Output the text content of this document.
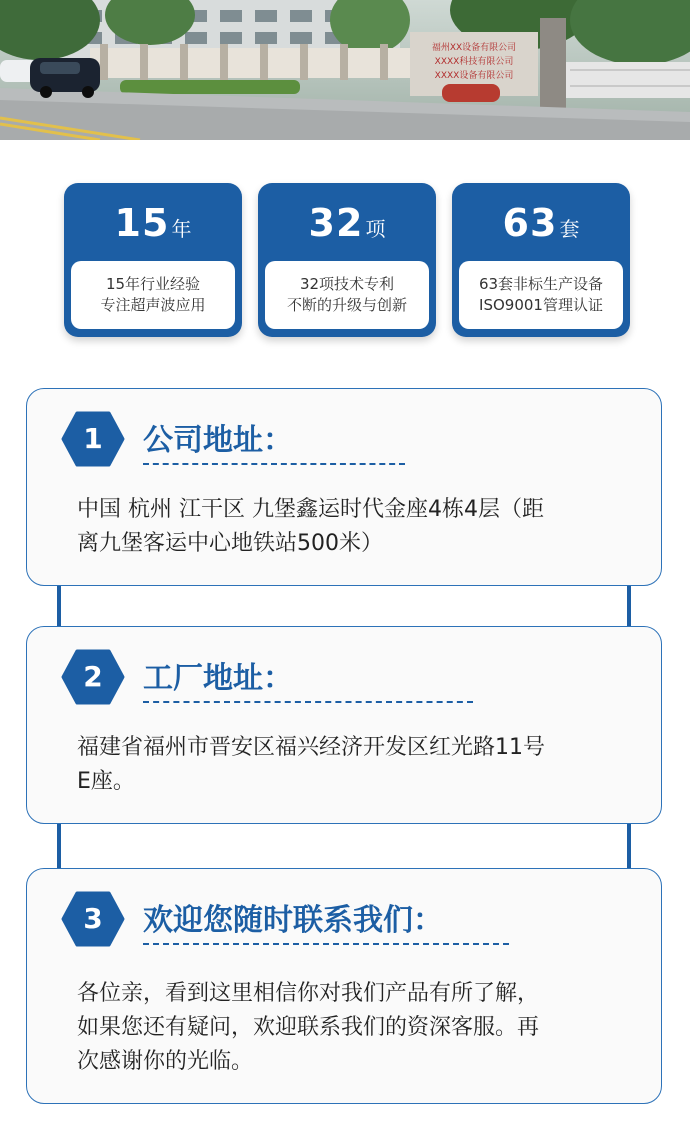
福州XX设备有限公司
XXXX科技有限公司
XXXX设备有限公司
15 年
15年行业经验
专注超声波应用
32 项
32项技术专利
不断的升级与创新
63 套
63套非标生产设备
ISO9001管理认证
1	公司地址：
中国 杭州 江干区 九堡鑫运时代金座4栋4层（距
离九堡客运中心地铁站500米）
2	工厂地址：
福建省福州市晋安区福兴经济开发区红光路11号
E座。
3	欢迎您随时联系我们：
各位亲，看到这里相信你对我们产品有所了解，
如果您还有疑问，欢迎联系我们的资深客服。再
次感谢你的光临。
